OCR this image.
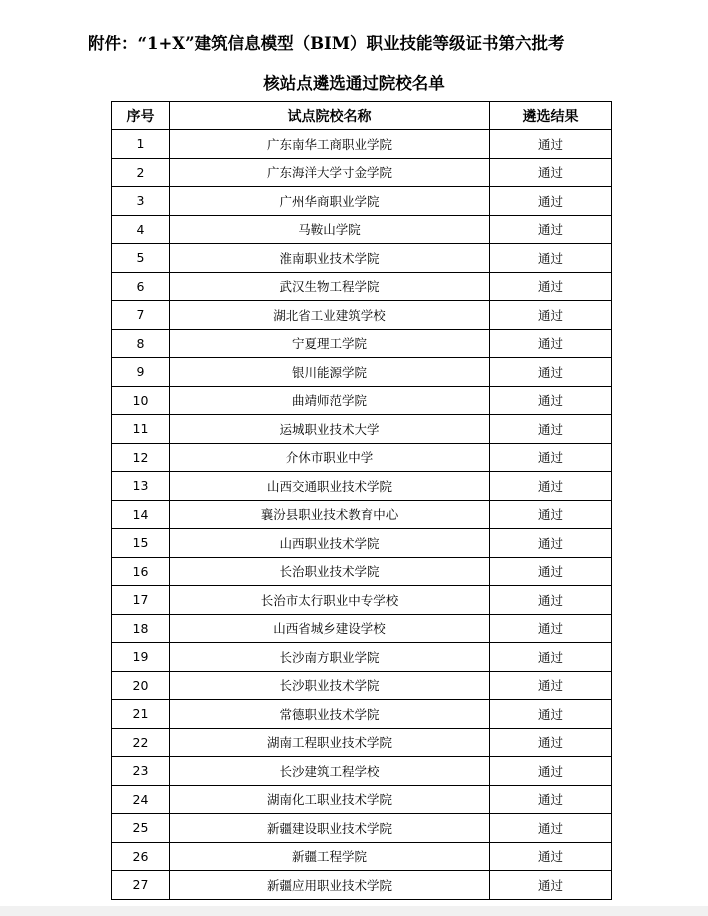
附件：“1+X”建筑信息模型（BIM）职业技能等级证书第六批考
核站点遴选通过院校名单
序号	试点院校名称	遴选结果
1	广东南华工商职业学院	通过
2	广东海洋大学寸金学院	通过
3	广州华商职业学院	通过
4	马鞍山学院	通过
5	淮南职业技术学院	通过
6	武汉生物工程学院	通过
7	湖北省工业建筑学校	通过
8	宁夏理工学院	通过
9	银川能源学院	通过
10	曲靖师范学院	通过
11	运城职业技术大学	通过
12	介休市职业中学	通过
13	山西交通职业技术学院	通过
14	襄汾县职业技术教育中心	通过
15	山西职业技术学院	通过
16	长治职业技术学院	通过
17	长治市太行职业中专学校	通过
18	山西省城乡建设学校	通过
19	长沙南方职业学院	通过
20	长沙职业技术学院	通过
21	常德职业技术学院	通过
22	湖南工程职业技术学院	通过
23	长沙建筑工程学校	通过
24	湖南化工职业技术学院	通过
25	新疆建设职业技术学院	通过
26	新疆工程学院	通过
27	新疆应用职业技术学院	通过
